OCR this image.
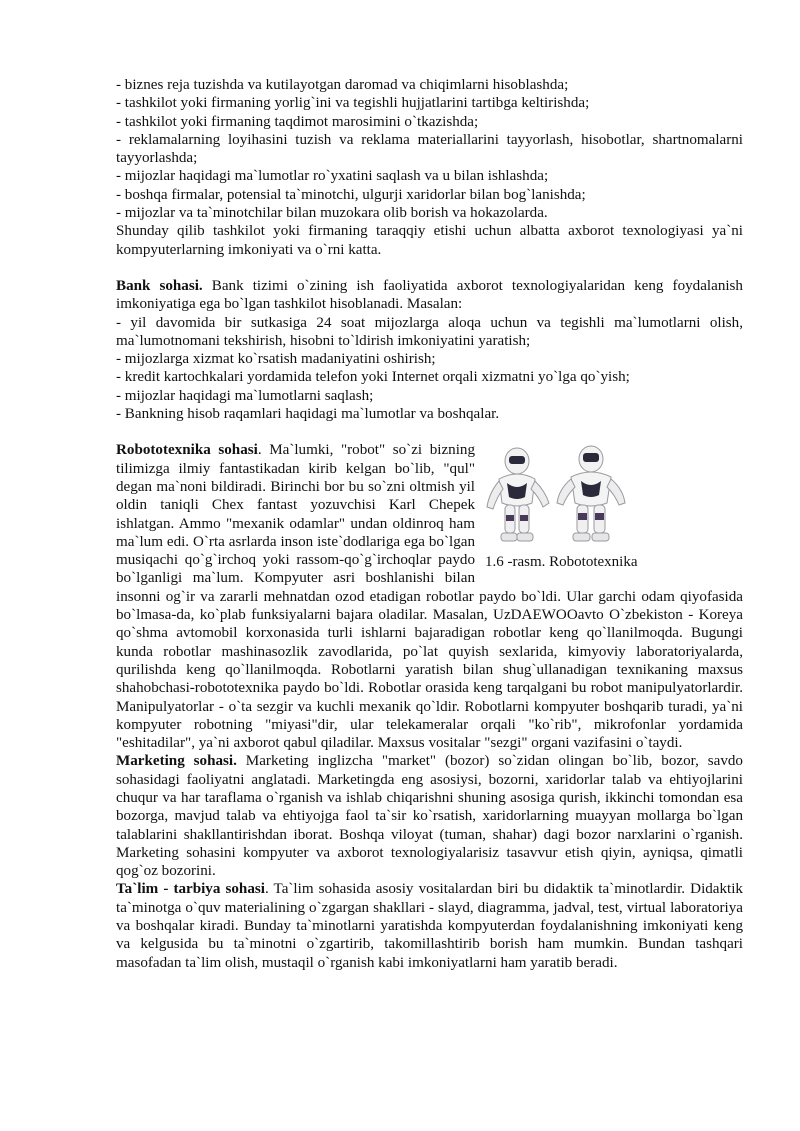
- biznes reja tuzishda va kutilayotgan daromad va chiqimlarni hisoblashda;

- tashkilot yoki firmaning yorlig`ini va tegishli hujjatlarini tartibga keltirishda;

- tashkilot yoki firmaning taqdimot marosimini o`tkazishda;

- reklamalarning loyihasini tuzish va reklama materiallarini tayyorlash, hisobotlar, shartnomalarni tayyorlashda;

- mijozlar haqidagi ma`lumotlar ro`yxatini saqlash va u bilan ishlashda;

- boshqa firmalar, potensial ta`minotchi, ulgurji xaridorlar bilan bog`lanishda;

- mijozlar va ta`minotchilar bilan muzokara olib borish va hokazolarda.

Shunday qilib tashkilot yoki firmaning taraqqiy etishi uchun albatta axborot texnologiyasi ya`ni kompyuterlarning imkoniyati va o`rni katta.

Bank sohasi. Bank tizimi o`zining ish faoliyatida axborot texnologiyalaridan keng foydalanish imkoniyatiga ega bo`lgan tashkilot hisoblanadi. Masalan:

- yil davomida bir sutkasiga 24 soat mijozlarga aloqa uchun va tegishli ma`lumotlarni olish, ma`lumotnomani tekshirish, hisobni to`ldirish imkoniyatini yaratish;

- mijozlarga xizmat ko`rsatish madaniyatini oshirish;

- kredit kartochkalari yordamida telefon yoki Internet orqali xizmatni yo`lga qo`yish;

- mijozlar haqidagi ma`lumotlarni saqlash;

- Bankning hisob raqamlari haqidagi ma`lumotlar va boshqalar.

1.6 -rasm. Robototexnika

Robototexnika sohasi. Ma`lumki, "robot" so`zi bizning tilimizga ilmiy fantastikadan kirib kelgan bo`lib, "qul" degan ma`noni bildiradi. Birinchi bor bu so`zni oltmish yil oldin taniqli Chex fantast yozuvchisi Karl Chepek ishlatgan. Ammo "mexanik odamlar" undan oldinroq ham ma`lum edi. O`rta asrlarda inson iste`dodlariga ega bo`lgan musiqachi qo`g`irchoq yoki rassom-qo`g`irchoqlar paydo bo`lganligi ma`lum. Kompyuter asri boshlanishi bilan insonni og`ir va zararli mehnatdan ozod etadigan robotlar paydo bo`ldi. Ular garchi odam qiyofasida bo`lmasa-da, ko`plab funksiyalarni bajara oladilar. Masalan, UzDAEWOOavto O`zbekiston - Koreya qo`shma avtomobil korxonasida turli ishlarni bajaradigan robotlar keng qo`llanilmoqda. Bugungi kunda robotlar mashinasozlik zavodlarida, po`lat quyish sexlarida, kimyoviy laboratoriyalarda, qurilishda keng qo`llanilmoqda. Robotlarni yaratish bilan shug`ullanadigan texnikaning maxsus shahobchasi-robototexnika paydo bo`ldi. Robotlar orasida keng tarqalgani bu robot manipulyatorlardir. Manipulyatorlar - o`ta sezgir va kuchli mexanik qo`ldir. Robotlarni kompyuter boshqarib turadi, ya`ni kompyuter robotning "miyasi"dir, ular telekameralar orqali "ko`rib", mikrofonlar yordamida "eshitadilar", ya`ni axborot qabul qiladilar. Maxsus vositalar "sezgi" organi vazifasini o`taydi.

Marketing sohasi. Marketing inglizcha "market" (bozor) so`zidan olingan bo`lib, bozor, savdo sohasidagi faoliyatni anglatadi. Marketingda eng asosiysi, bozorni, xaridorlar talab va ehtiyojlarini chuqur va har taraflama o`rganish va ishlab chiqarishni shuning asosiga qurish, ikkinchi tomondan esa bozorga, mavjud talab va ehtiyojga faol ta`sir ko`rsatish, xaridorlarning muayyan mollarga bo`lgan talablarini shakllantirishdan iborat. Boshqa viloyat (tuman, shahar) dagi bozor narxlarini o`rganish. Marketing sohasini kompyuter va axborot texnologiyalarisiz tasavvur etish qiyin, ayniqsa, qimatli qog`oz bozorini.

Ta`lim - tarbiya sohasi. Ta`lim sohasida asosiy vositalardan biri bu didaktik ta`minotlardir. Didaktik ta`minotga o`quv materialining o`zgargan shakllari - slayd, diagramma, jadval, test, virtual laboratoriya va boshqalar kiradi. Bunday ta`minotlarni yaratishda kompyuterdan foydalanishning imkoniyati keng va kelgusida bu ta`minotni o`zgartirib, takomillashtirib borish ham mumkin. Bundan tashqari masofadan ta`lim olish, mustaqil o`rganish kabi imkoniyatlarni ham yaratib beradi.
